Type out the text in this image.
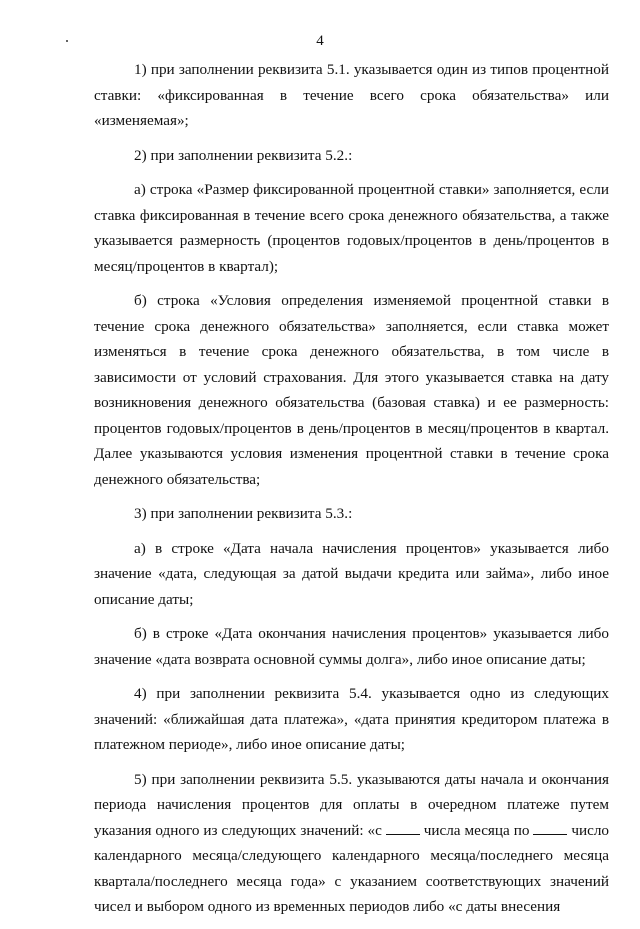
4

1) при заполнении реквизита 5.1. указывается один из типов процентной ставки: «фиксированная в течение всего срока обязательства» или «изменяемая»;

2) при заполнении реквизита 5.2.:

а) строка «Размер фиксированной процентной ставки» заполняется, если ставка фиксированная в течение всего срока денежного обязательства, а также указывается размерность (процентов годовых/процентов в день/процентов в месяц/процентов в квартал);

б) строка «Условия определения изменяемой процентной ставки в течение срока денежного обязательства» заполняется, если ставка может изменяться в течение срока денежного обязательства, в том числе в зависимости от условий страхования. Для этого указывается ставка на дату возникновения денежного обязательства (базовая ставка) и ее размерность: процентов годовых/процентов в день/процентов в месяц/процентов в квартал. Далее указываются условия изменения процентной ставки в течение срока денежного обязательства;

3) при заполнении реквизита 5.3.:

а) в строке «Дата начала начисления процентов» указывается либо значение «дата, следующая за датой выдачи кредита или займа», либо иное описание даты;

б) в строке «Дата окончания начисления процентов» указывается либо значение «дата возврата основной суммы долга», либо иное описание даты;

4) при заполнении реквизита 5.4. указывается одно из следующих значений: «ближайшая дата платежа», «дата принятия кредитором платежа в платежном периоде», либо иное описание даты;

5) при заполнении реквизита 5.5. указываются даты начала и окончания периода начисления процентов для оплаты в очередном платеже путем указания одного из следующих значений: «с	числа месяца по	число календарного месяца/следующего календарного месяца/последнего месяца квартала/последнего месяца года» с указанием соответствующих значений чисел и выбором одного из временных периодов либо «с даты внесения
